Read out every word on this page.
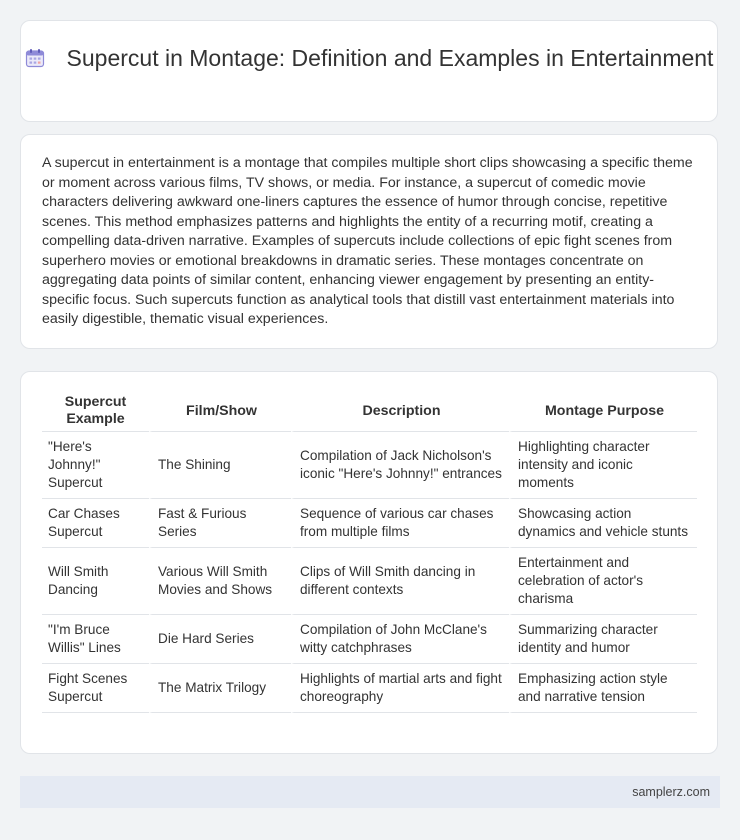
Supercut in Montage: Definition and Examples in Entertainment
A supercut in entertainment is a montage that compiles multiple short clips showcasing a specific theme or moment across various films, TV shows, or media. For instance, a supercut of comedic movie characters delivering awkward one-liners captures the essence of humor through concise, repetitive scenes. This method emphasizes patterns and highlights the entity of a recurring motif, creating a compelling data-driven narrative. Examples of supercuts include collections of epic fight scenes from superhero movies or emotional breakdowns in dramatic series. These montages concentrate on aggregating data points of similar content, enhancing viewer engagement by presenting an entity-specific focus. Such supercuts function as analytical tools that distill vast entertainment materials into easily digestible, thematic visual experiences.
Supercut Example	Film/Show	Description	Montage Purpose
"Here's Johnny!" Supercut	The Shining	Compilation of Jack Nicholson's iconic "Here's Johnny!" entrances	Highlighting character intensity and iconic moments
Car Chases Supercut	Fast & Furious Series	Sequence of various car chases from multiple films	Showcasing action dynamics and vehicle stunts
Will Smith Dancing	Various Will Smith Movies and Shows	Clips of Will Smith dancing in different contexts	Entertainment and celebration of actor's charisma
"I'm Bruce Willis" Lines	Die Hard Series	Compilation of John McClane's witty catchphrases	Summarizing character identity and humor
Fight Scenes Supercut	The Matrix Trilogy	Highlights of martial arts and fight choreography	Emphasizing action style and narrative tension
samplerz.com
